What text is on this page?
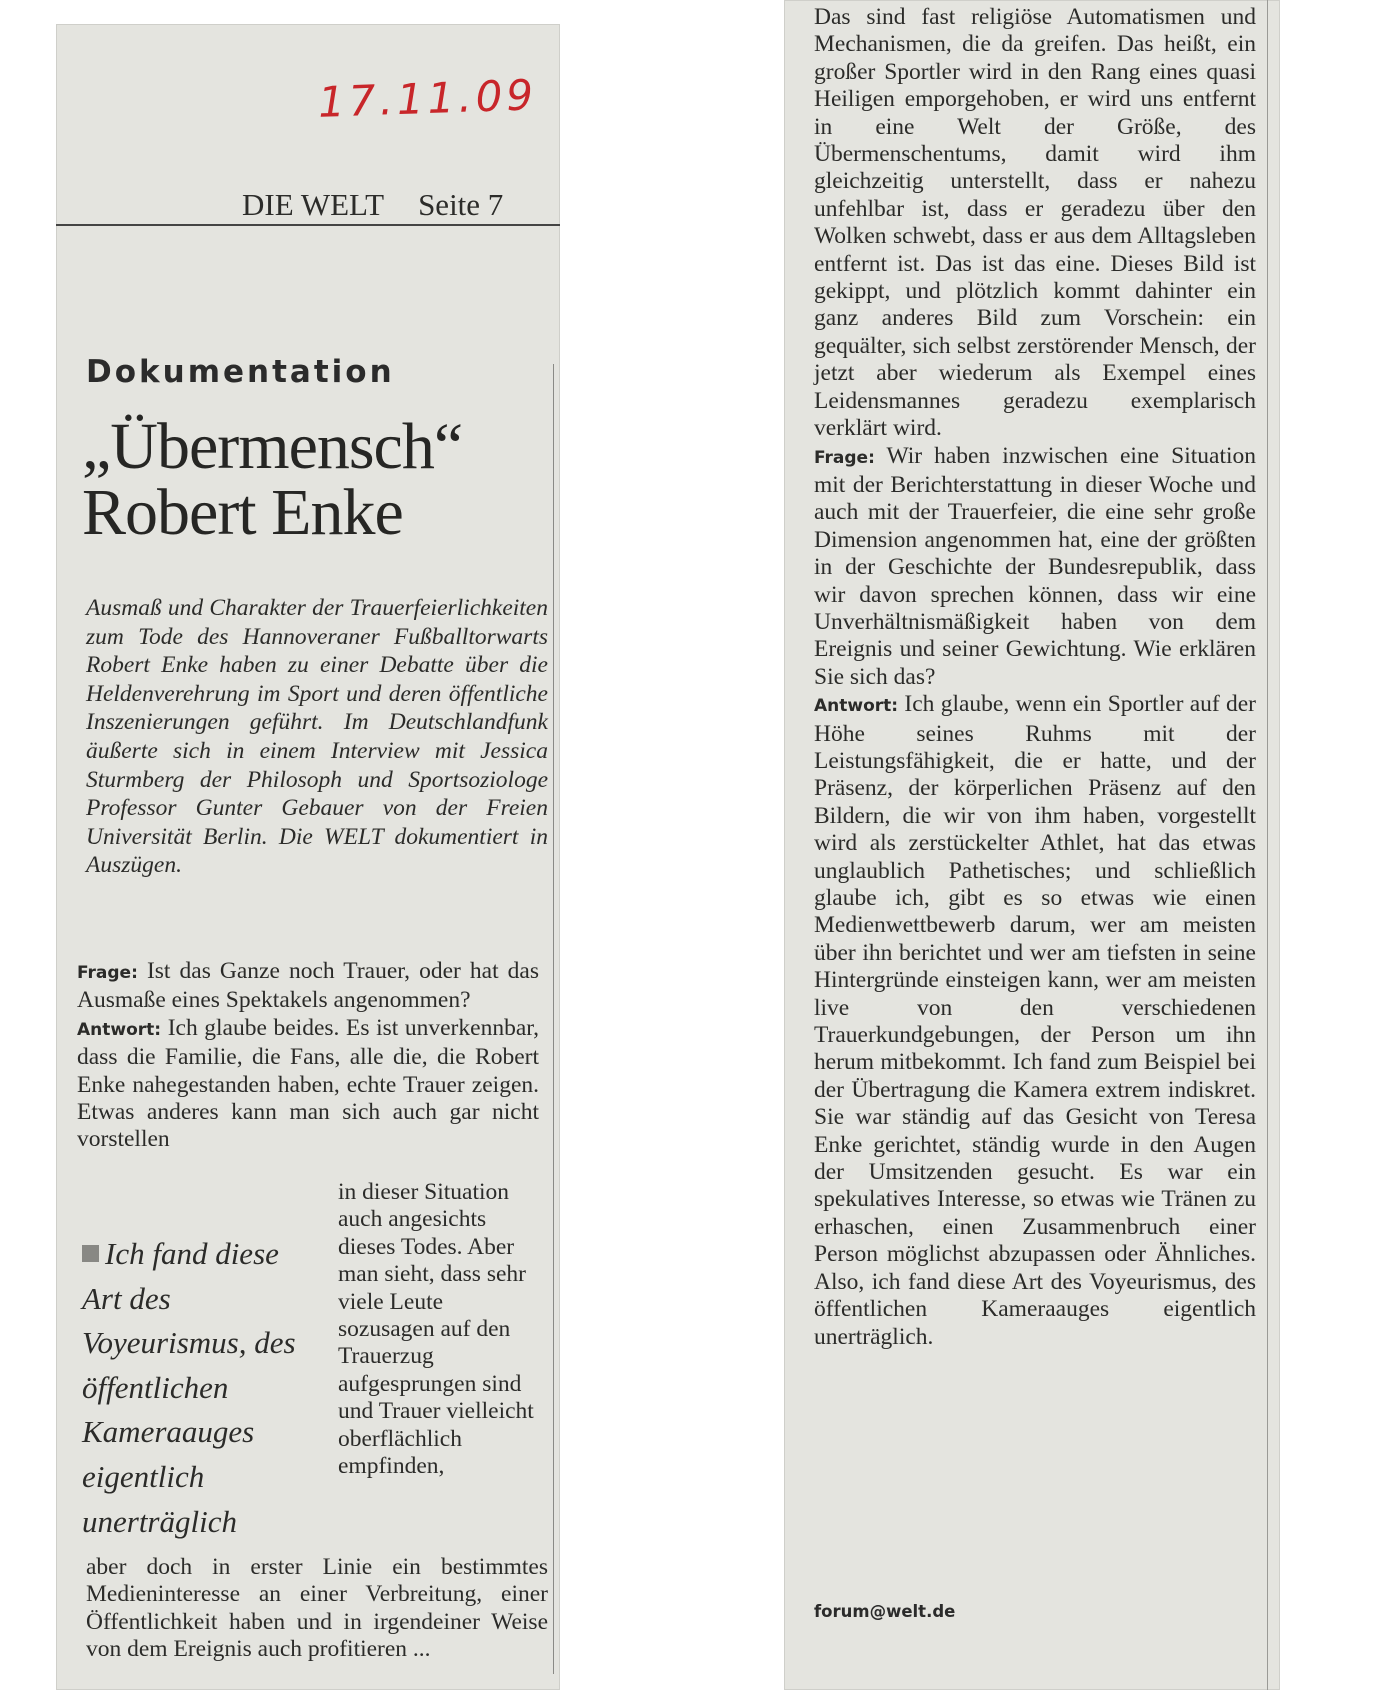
17.11.09
DIE WELT Seite 7
Dokumentation
„Übermensch“
Robert Enke

Ausmaß und Charakter der Trauerfeierlichkeiten zum Tode des Hannoveraner Fußballtorwarts Robert Enke haben zu einer Debatte über die Heldenverehrung im Sport und deren öffentliche Inszenierungen geführt. Im Deutschlandfunk äußerte sich in einem Interview mit Jessica Sturmberg der Philosoph und Sportsoziologe Professor Gunter Gebauer von der Freien Universität Berlin. Die WELT dokumentiert in Auszügen.

Frage: Ist das Ganze noch Trauer, oder hat das Ausmaße eines Spektakels angenommen?

Antwort: Ich glaube beides. Es ist unverkennbar, dass die Familie, die Fans, alle die, die Robert Enke nahegestanden haben, echte Trauer zeigen. Etwas anderes kann man sich auch gar nicht vorstellen

Ich fand diese Art des Voyeurismus, des öffentlichen Kameraauges eigentlich unerträglich

in dieser Situation auch angesichts dieses Todes. Aber man sieht, dass sehr viele Leute sozusagen auf den Trauerzug aufgesprungen sind und Trauer vielleicht oberflächlich empfinden,

aber doch in erster Linie ein bestimmtes Medieninteresse an einer Verbreitung, einer Öffentlichkeit haben und in irgendeiner Weise von dem Ereignis auch profitieren ...

Das sind fast religiöse Automatismen und Mechanismen, die da greifen. Das heißt, ein großer Sportler wird in den Rang eines quasi Heiligen emporgehoben, er wird uns entfernt in eine Welt der Größe, des Übermenschentums, damit wird ihm gleichzeitig unterstellt, dass er nahezu unfehlbar ist, dass er geradezu über den Wolken schwebt, dass er aus dem Alltagsleben entfernt ist. Das ist das eine. Dieses Bild ist gekippt, und plötzlich kommt dahinter ein ganz anderes Bild zum Vorschein: ein gequälter, sich selbst zerstörender Mensch, der jetzt aber wiederum als Exempel eines Leidensmannes geradezu exemplarisch verklärt wird.

Frage: Wir haben inzwischen eine Situation mit der Berichterstattung in dieser Woche und auch mit der Trauerfeier, die eine sehr große Dimension angenommen hat, eine der größten in der Geschichte der Bundesrepublik, dass wir davon sprechen können, dass wir eine Unverhältnismäßigkeit haben von dem Ereignis und seiner Gewichtung. Wie erklären Sie sich das?

Antwort: Ich glaube, wenn ein Sportler auf der Höhe seines Ruhms mit der Leistungsfähigkeit, die er hatte, und der Präsenz, der körperlichen Präsenz auf den Bildern, die wir von ihm haben, vorgestellt wird als zerstückelter Athlet, hat das etwas unglaublich Pathetisches; und schließlich glaube ich, gibt es so etwas wie einen Medienwettbewerb darum, wer am meisten über ihn berichtet und wer am tiefsten in seine Hintergründe einsteigen kann, wer am meisten live von den verschiedenen Trauerkundgebungen, der Person um ihn herum mitbekommt. Ich fand zum Beispiel bei der Übertragung die Kamera extrem indiskret. Sie war ständig auf das Gesicht von Teresa Enke gerichtet, ständig wurde in den Augen der Umsitzenden gesucht. Es war ein spekulatives Interesse, so etwas wie Tränen zu erhaschen, einen Zusammenbruch einer Person möglichst abzupassen oder Ähnliches. Also, ich fand diese Art des Voyeurismus, des öffentlichen Kameraauges eigentlich unerträglich.

forum@welt.de
